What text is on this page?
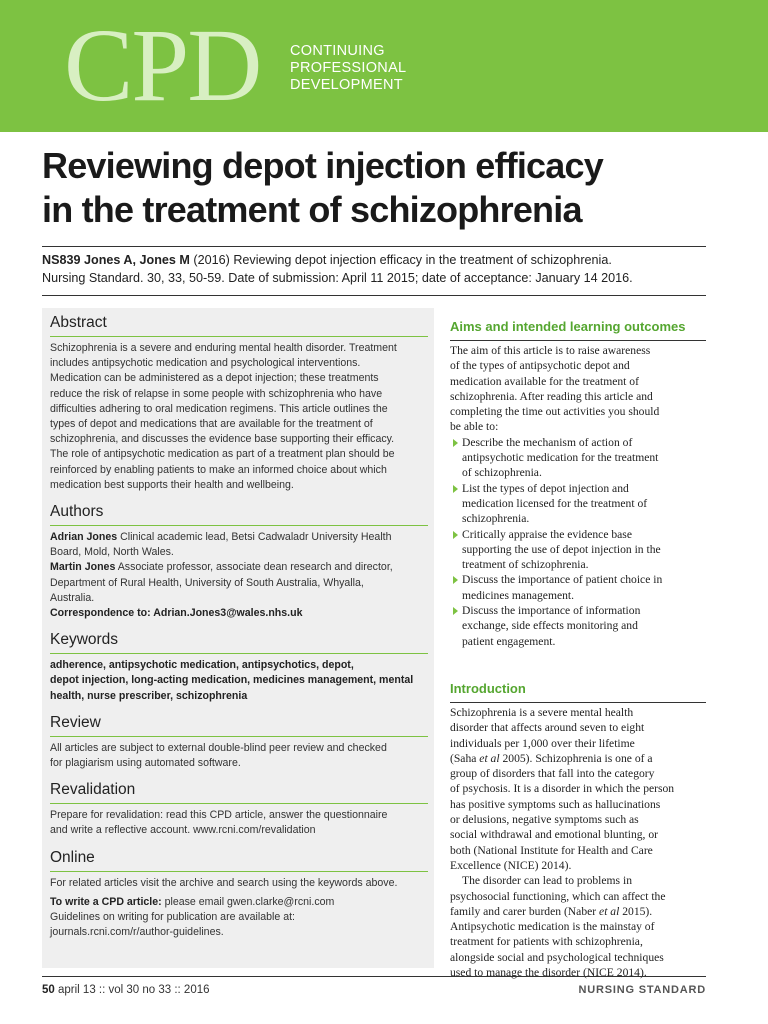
CPD CONTINUING
PROFESSIONAL
DEVELOPMENT
Reviewing depot injection efficacy
in the treatment of schizophrenia
NS839 Jones A, Jones M (2016) Reviewing depot injection efficacy in the treatment of schizophrenia.
Nursing Standard. 30, 33, 50-59. Date of submission: April 11 2015; date of acceptance: January 14 2016.
Abstract
Schizophrenia is a severe and enduring mental health disorder. Treatment
includes antipsychotic medication and psychological interventions.
Medication can be administered as a depot injection; these treatments
reduce the risk of relapse in some people with schizophrenia who have
difficulties adhering to oral medication regimens. This article outlines the
types of depot and medications that are available for the treatment of
schizophrenia, and discusses the evidence base supporting their efficacy.
The role of antipsychotic medication as part of a treatment plan should be
reinforced by enabling patients to make an informed choice about which
medication best supports their health and wellbeing.
Authors
Adrian Jones Clinical academic lead, Betsi Cadwaladr University Health
Board, Mold, North Wales.
Martin Jones Associate professor, associate dean research and director,
Department of Rural Health, University of South Australia, Whyalla,
Australia.
Correspondence to: Adrian.Jones3@wales.nhs.uk
Keywords
adherence, antipsychotic medication, antipsychotics, depot,
depot injection, long-acting medication, medicines management, mental
health, nurse prescriber, schizophrenia
Review
All articles are subject to external double-blind peer review and checked
for plagiarism using automated software.
Revalidation
Prepare for revalidation: read this CPD article, answer the questionnaire
and write a reflective account. www.rcni.com/revalidation
Online
For related articles visit the archive and search using the keywords above.
To write a CPD article: please email gwen.clarke@rcni.com
Guidelines on writing for publication are available at:
journals.rcni.com/r/author-guidelines.
Aims and intended learning outcomes
The aim of this article is to raise awareness
of the types of antipsychotic depot and
medication available for the treatment of
schizophrenia. After reading this article and
completing the time out activities you should
be able to:
Describe the mechanism of action of
antipsychotic medication for the treatment
of schizophrenia.
List the types of depot injection and
medication licensed for the treatment of
schizophrenia.
Critically appraise the evidence base
supporting the use of depot injection in the
treatment of schizophrenia.
Discuss the importance of patient choice in
medicines management.
Discuss the importance of information
exchange, side effects monitoring and
patient engagement.
Introduction
Schizophrenia is a severe mental health
disorder that affects around seven to eight
individuals per 1,000 over their lifetime
(Saha et al 2005). Schizophrenia is one of a
group of disorders that fall into the category
of psychosis. It is a disorder in which the person
has positive symptoms such as hallucinations
or delusions, negative symptoms such as
social withdrawal and emotional blunting, or
both (National Institute for Health and Care
Excellence (NICE) 2014).
The disorder can lead to problems in
psychosocial functioning, which can affect the
family and carer burden (Naber et al 2015).
Antipsychotic medication is the mainstay of
treatment for patients with schizophrenia,
alongside social and psychological techniques
used to manage the disorder (NICE 2014).
50 april 13 :: vol 30 no 33 :: 2016	NURSING STANDARD
